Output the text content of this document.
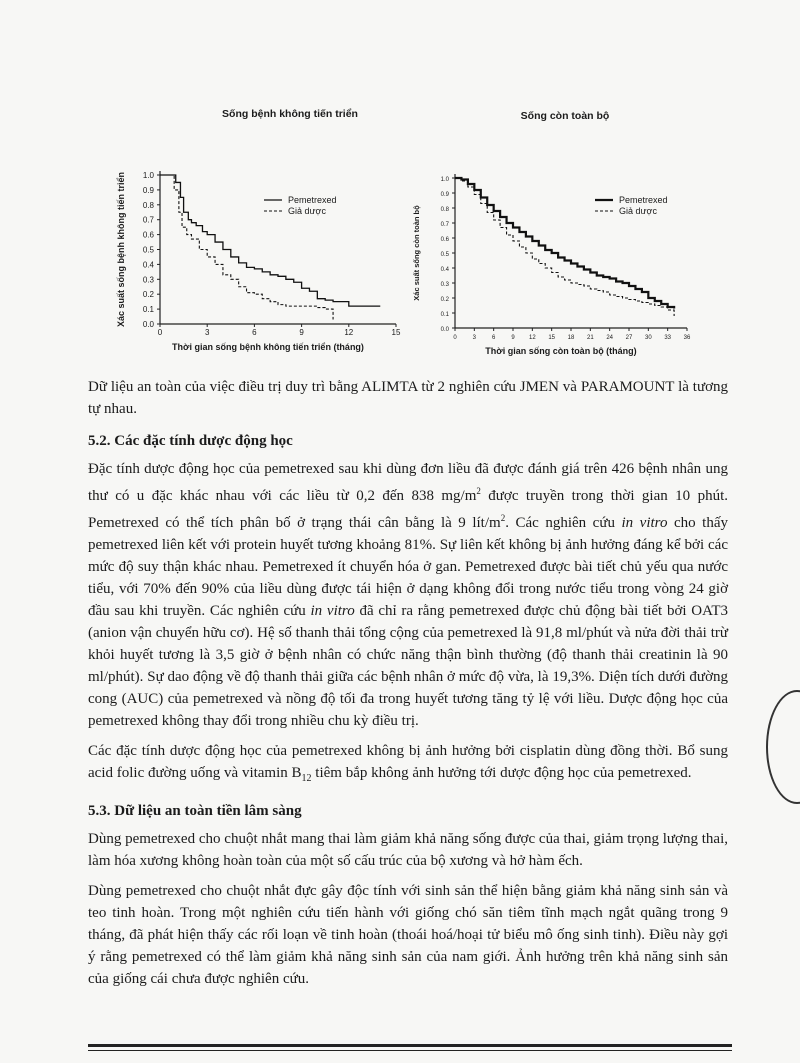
Sống bệnh không tiến triển
0.0
0.1
0.2
0.3
0.4
0.5
0.6
0.7
0.8
0.9
1.0
0	3	6	9	12	15
Thời gian sống bệnh không tiến triển (tháng)
Xác suất sống bệnh không tiến triển	Pemetrexed
Giả dược
Sống còn toàn bộ
0.0
0.1
0.2
0.3
0.4
0.5
0.6
0.7
0.8
0.9
1.0
0	3	6	9 12 15 18 21 24 27 30 33 36
Thời gian sống còn toàn bộ (tháng)
Xác suất sống còn toàn bộ
Pemetrexed
Giả dược

Dữ liệu an toàn của việc điều trị duy trì bằng ALIMTA từ 2 nghiên cứu JMEN và PARAMOUNT là tương tự nhau.

5.2. Các đặc tính dược động học

Đặc tính dược động học của pemetrexed sau khi dùng đơn liều đã được đánh giá trên 426 bệnh nhân ung thư có u đặc khác nhau với các liều từ 0,2 đến 838 $mg/m^2$ được truyền trong thời gian 10 phút. Pemetrexed có thể tích phân bố ở trạng thái cân bằng là 9 lít/$m^2$. Các nghiên cứu in vitro cho thấy pemetrexed liên kết với protein huyết tương khoảng 81%. Sự liên kết không bị ảnh hưởng đáng kể bởi các mức độ suy thận khác nhau. Pemetrexed ít chuyển hóa ở gan. Pemetrexed được bài tiết chủ yếu qua nước tiểu, với 70% đến 90% của liều dùng được tái hiện ở dạng không đổi trong nước tiểu trong vòng 24 giờ đầu sau khi truyền. Các nghiên cứu in vitro đã chỉ ra rằng pemetrexed được chủ động bài tiết bởi OAT3 (anion vận chuyển hữu cơ). Hệ số thanh thải tổng cộng của pemetrexed là 91,8 ml/phút và nửa đời thải trừ khỏi huyết tương là 3,5 giờ ở bệnh nhân có chức năng thận bình thường (độ thanh thải creatinin là 90 ml/phút). Sự dao động về độ thanh thải giữa các bệnh nhân ở mức độ vừa, là 19,3%. Diện tích dưới đường cong (AUC) của pemetrexed và nồng độ tối đa trong huyết tương tăng tỷ lệ với liều. Dược động học của pemetrexed không thay đổi trong nhiều chu kỳ điều trị.

Các đặc tính dược động học của pemetrexed không bị ảnh hưởng bởi cisplatin dùng đồng thời. Bổ sung acid folic đường uống và vitamin $B_{12}$ tiêm bắp không ảnh hưởng tới dược động học của pemetrexed.

5.3. Dữ liệu an toàn tiền lâm sàng

Dùng pemetrexed cho chuột nhắt mang thai làm giảm khả năng sống được của thai, giảm trọng lượng thai, làm hóa xương không hoàn toàn của một số cấu trúc của bộ xương và hở hàm ếch.

Dùng pemetrexed cho chuột nhắt đực gây độc tính với sinh sản thể hiện bằng giảm khả năng sinh sản và teo tinh hoàn. Trong một nghiên cứu tiến hành với giống chó săn tiêm tĩnh mạch ngắt quãng trong 9 tháng, đã phát hiện thấy các rối loạn về tinh hoàn (thoái hoá/hoại tử biểu mô ống sinh tinh). Điều này gợi ý rằng pemetrexed có thể làm giảm khả năng sinh sản của nam giới. Ảnh hưởng trên khả năng sinh sản của giống cái chưa được nghiên cứu.
